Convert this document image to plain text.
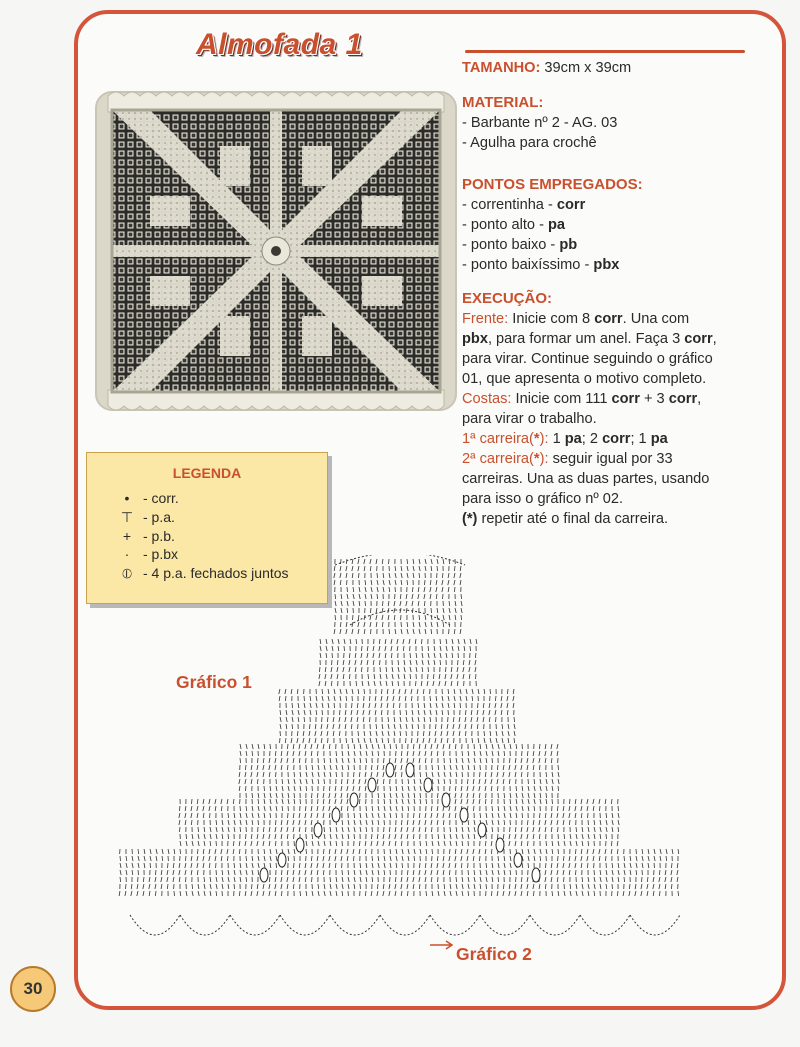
Almofada 1
TAMANHO: 39cm x 39cm
MATERIAL:
- Barbante nº 2 - AG. 03
- Agulha para crochê
PONTOS EMPREGADOS:
- correntinha - corr
- ponto alto - pa
- ponto baixo - pb
- ponto baixíssimo - pbx
EXECUÇÃO:
Frente: Inicie com 8 corr. Una com
pbx, para formar um anel. Faça 3 corr,
para virar. Continue seguindo o gráfico
01, que apresenta o motivo completo.
Costas: Inicie com 111 corr + 3 corr,
para virar o trabalho.
1ª carreira(*): 1 pa; 2 corr; 1 pa
2ª carreira(*): seguir igual por 33
carreiras. Una as duas partes, usando
para isso o gráfico nº 02.
(*) repetir até o final da carreira.
LEGENDA
• - corr.
⊤ - p.a.
+ - p.b.
· - p.bx
⦶ - 4 p.a. fechados juntos
Gráfico 1
Gráfico 2
30
